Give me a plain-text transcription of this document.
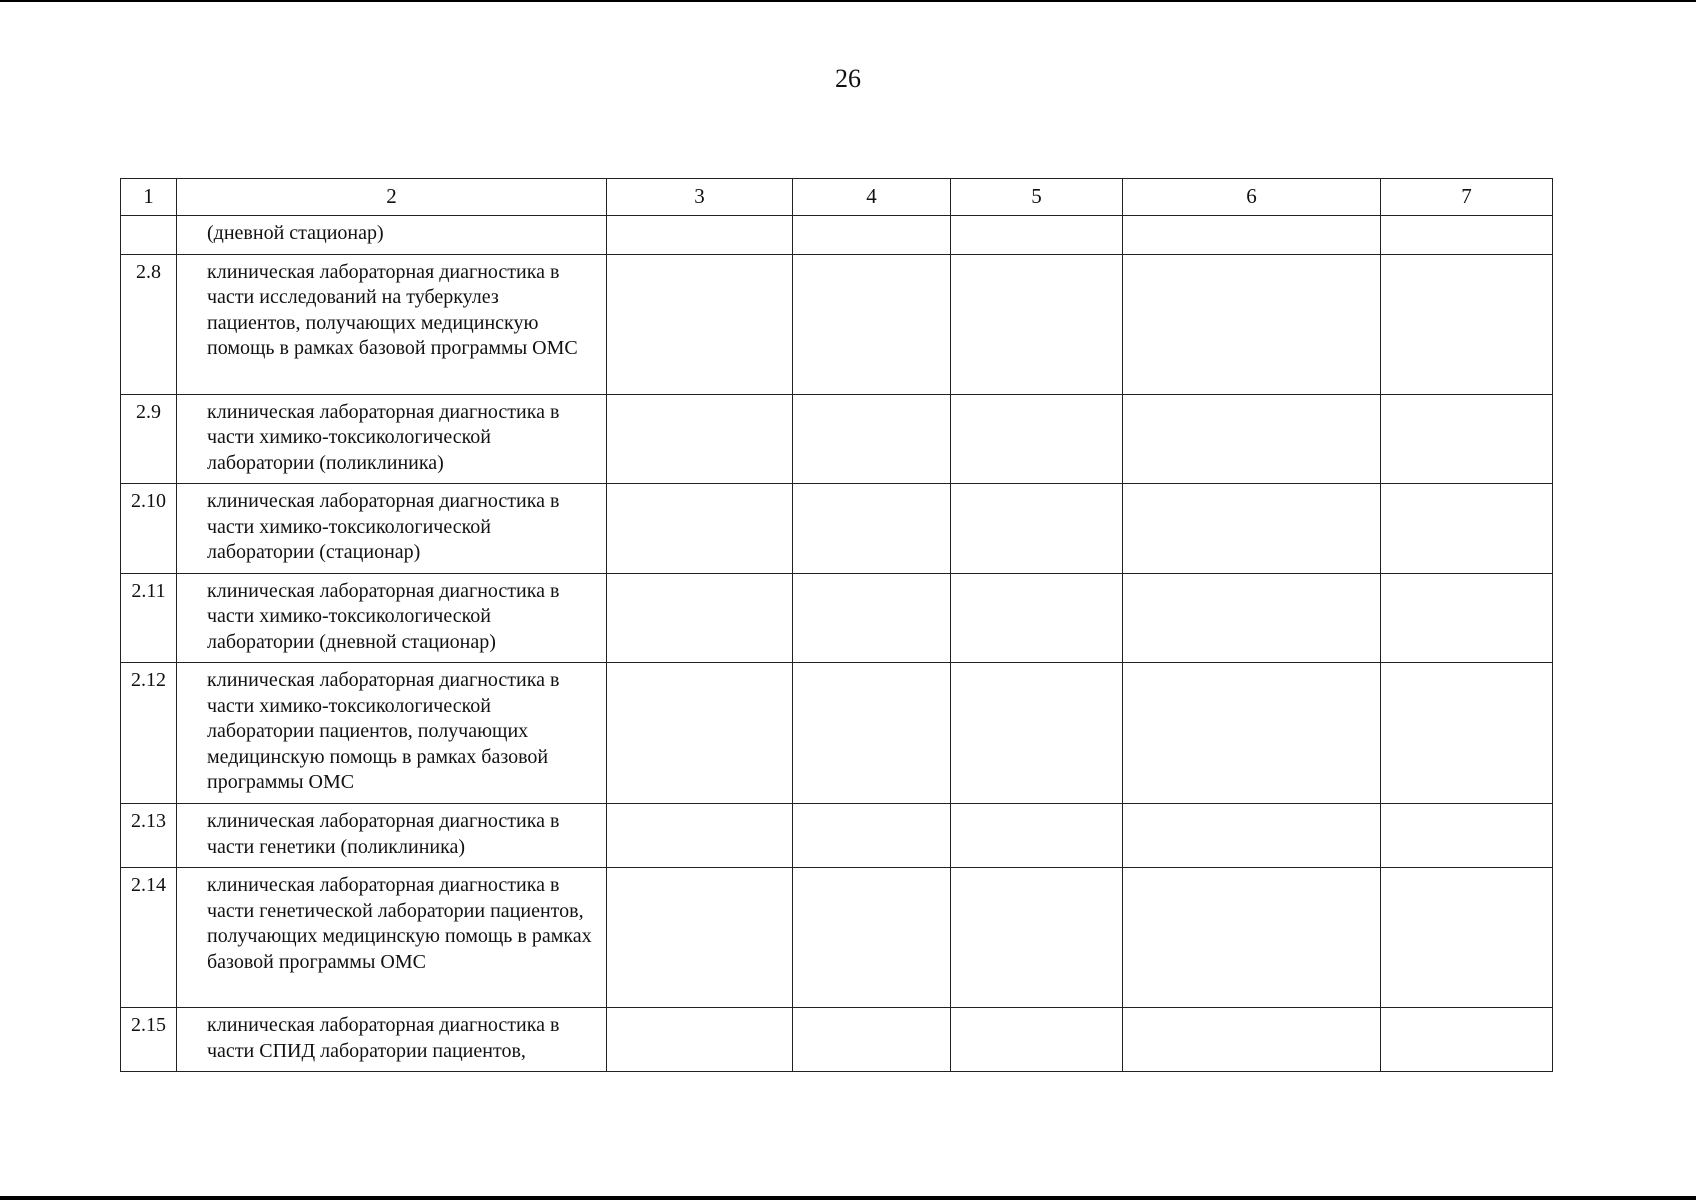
26
1	2	3	4	5	6	7
	(дневной стационар)					
2.8	клиническая лабораторная диагностика в части исследований на туберкулез пациентов, получающих медицинскую помощь в рамках базовой программы ОМС					
2.9	клиническая лабораторная диагностика в части химико-токсикологической лаборатории (поликлиника)					
2.10	клиническая лабораторная диагностика в части химико-токсикологической лаборатории (стационар)					
2.11	клиническая лабораторная диагностика в части химико-токсикологической лаборатории (дневной стационар)					
2.12	клиническая лабораторная диагностика в части химико-токсикологической лаборатории пациентов, получающих медицинскую помощь в рамках базовой программы ОМС					
2.13	клиническая лабораторная диагностика в части генетики (поликлиника)					
2.14	клиническая лабораторная диагностика в части генетической лаборатории пациентов, получающих медицинскую помощь в рамках базовой программы ОМС					
2.15	клиническая лабораторная диагностика в части СПИД лаборатории пациентов,					
